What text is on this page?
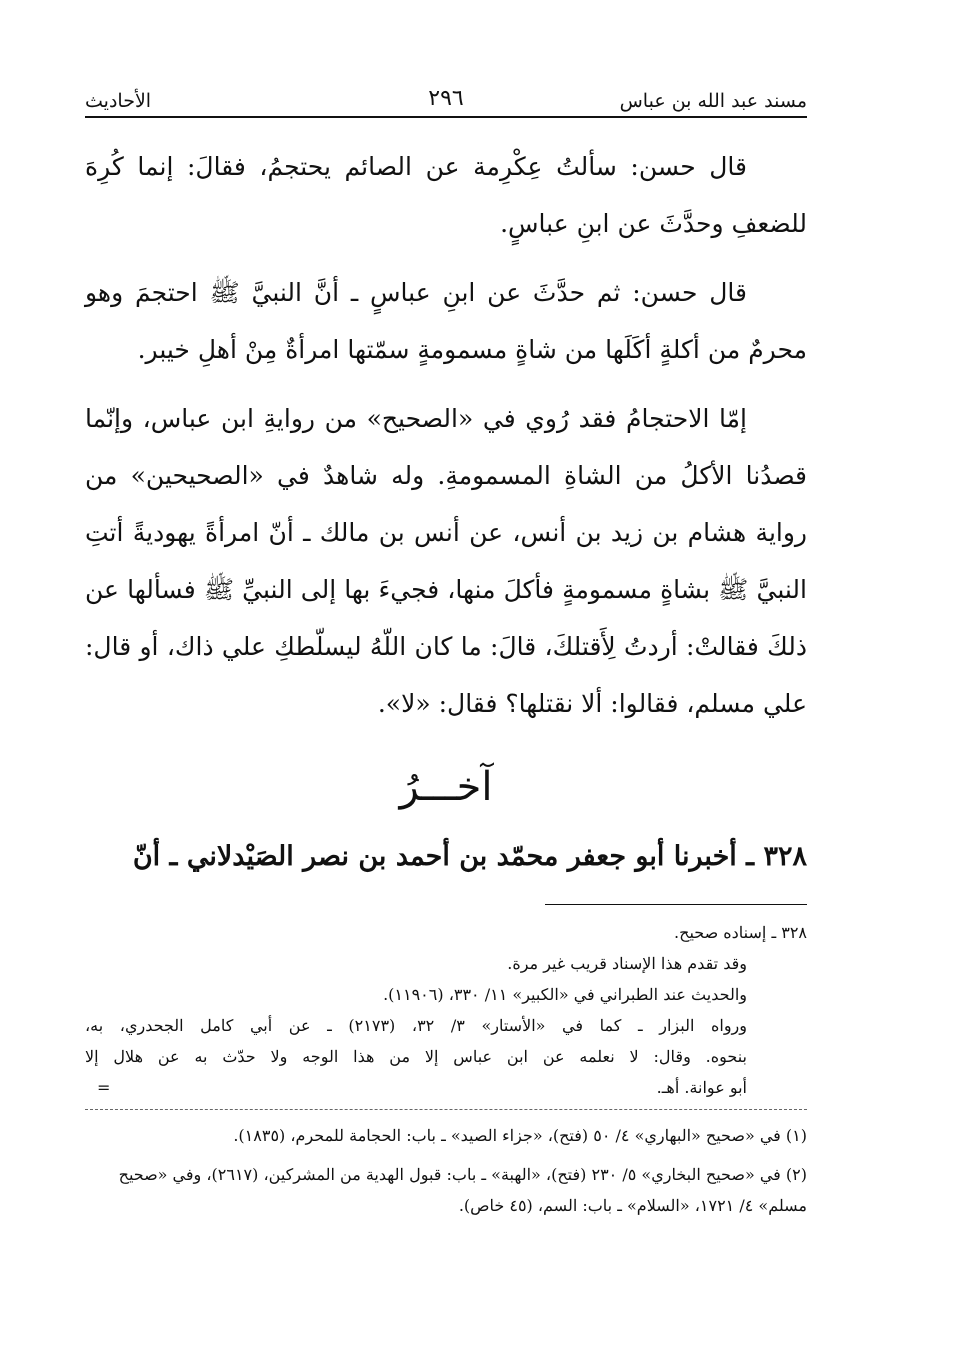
مسند عبد الله بن عباس
٢٩٦
الأحاديث

قال حسن: سألتُ عِكْرِمة عن الصائم يحتجمُ، فقالَ: إنما كُرِهَ للضعفِ وحدَّثَ عن ابنِ عباسٍ.

قال حسن: ثم حدَّثَ عن ابنِ عباسٍ ـ أنَّ النبيَّ ﷺ احتجمَ وهو محرمٌ من أكلةٍ أكَلَها من شاةٍ مسمومةٍ سمّتها امرأةٌ مِنْ أهلِ خيبر.

إمّا الاحتجامُ فقد رُوي في «الصحيح» من روايةِ ابن عباس، وإنّما قصدُنا الأكلُ من الشاةِ المسمومةِ. وله شاهدٌ في «الصحيحين» من رواية هشام بن زيد بن أنس، عن أنس بن مالك ـ أنّ امرأةً يهوديةً أتتِ النبيَّ ﷺ بشاةٍ مسمومةٍ فأكلَ منها، فجيءَ بها إلى النبيِّ ﷺ فسألها عن ذلكَ فقالتْ: أردتُ لِأَقتلكَ، قالَ: ما كان اللّهُ ليسلّطكِ علي ذاك، أو قال: علي مسلم، فقالوا: ألا نقتلها؟ فقال: «لا».

آخـــرُ
٣٢٨ ـ أخبرنا أبو جعفر محمّد بن أحمد بن نصر الصَيْدلاني ـ أنّ

٣٢٨ ـ إسناده صحيح.

وقد تقدم هذا الإسناد قريب غير مرة.

والحديث عند الطبراني في «الكبير» ١١/ ٣٣٠، (١١٩٠٦).

ورواه البزار ـ كما في «الأستار» ٣/ ٣٢، (٢١٧٣) ـ عن أبي كامل الجحدري، به،

بنحوه. وقال: لا نعلمه عن ابن عباس إلا من هذا الوجه ولا حدّث به عن هلال إلا

أبو عوانة. أهـ.
=

(١) في «صحيح «البهاري» ٤/ ٥٠ (فتح)، «جزاء الصيد» ـ باب: الحجامة للمحرم، (١٨٣٥).

(٢) في «صحيح البخاري» ٥/ ٢٣٠ (فتح)، «الهبة» ـ باب: قبول الهدية من المشركين، (٢٦١٧)، وفي «صحيح مسلم» ٤/ ١٧٢١، «السلام» ـ باب: السم، (٤٥ خاص).
